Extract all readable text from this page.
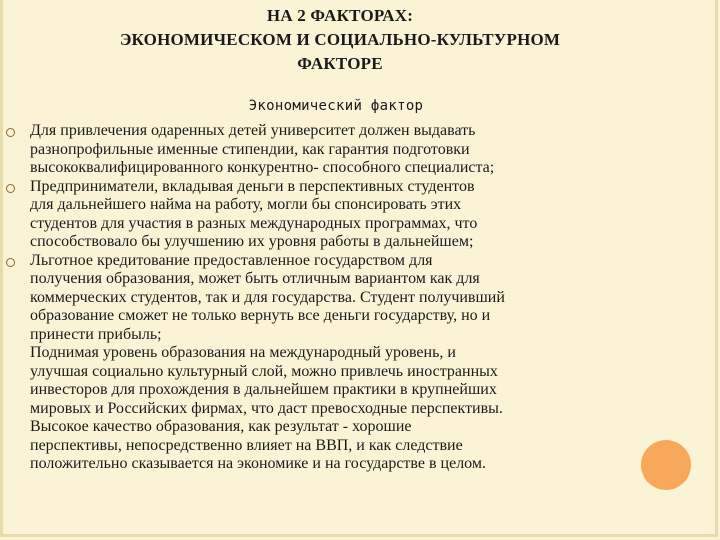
НА 2 ФАКТОРАХ:
ЭКОНОМИЧЕСКОМ И СОЦИАЛЬНО-КУЛЬТУРНОМ
ФАКТОРЕ
Экономический фактор
Для привлечения одаренных детей университет должен выдавать
разнопрофильные именные стипендии, как гарантия подготовки
высококвалифицированного конкурентно- способного специалиста;
Предприниматели, вкладывая деньги в перспективных студентов
для дальнейшего найма на работу, могли бы спонсировать этих
студентов для участия в разных международных программах, что
способствовало бы улучшению их уровня работы в дальнейшем;
Льготное кредитование предоставленное государством для
получения образования, может быть отличным вариантом как для
коммерческих студентов, так и для государства. Студент получивший
образование сможет не только вернуть все деньги государству, но и
принести прибыль;
Поднимая уровень образования на международный уровень, и
улучшая социально культурный слой, можно привлечь иностранных
инвесторов для прохождения в дальнейшем практики в крупнейших
мировых и Российских фирмах, что даст превосходные перспективы.
Высокое качество образования, как результат - хорошие
перспективы, непосредственно влияет на ВВП, и как следствие
положительно сказывается на экономике и на государстве в целом.
